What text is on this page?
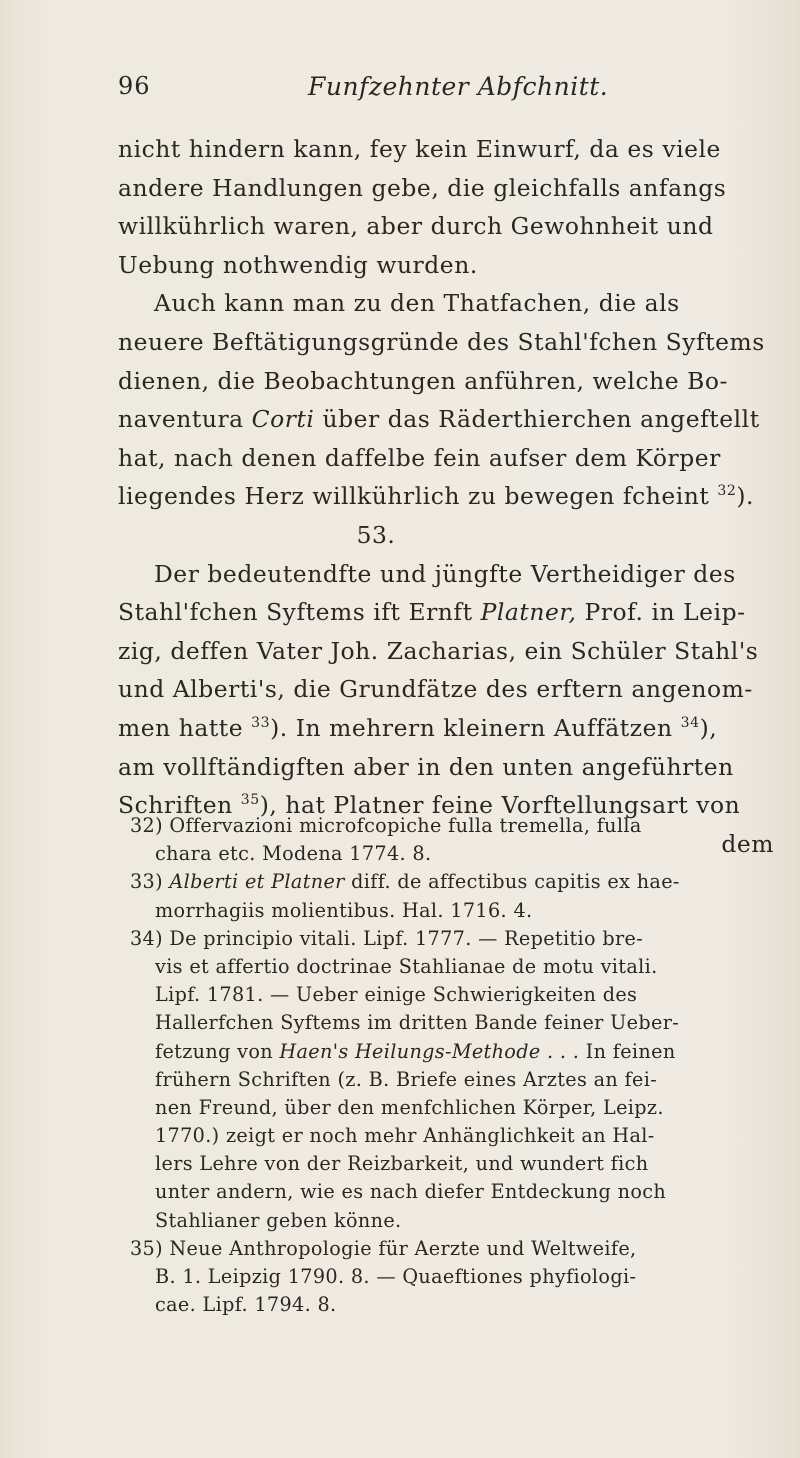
96	Funfzehnter Abfchnitt.
nicht hindern kann, fey kein Einwurf, da es viele
andere Handlungen gebe, die gleichfalls anfangs
willkührlich waren, aber durch Gewohnheit und
Uebung nothwendig wurden.
Auch kann man zu den Thatfachen, die als
neuere Beftätigungsgründe des Stahl'fchen Syftems
dienen, die Beobachtungen anführen, welche Bo-
naventura Corti über das Räderthierchen angeftellt
hat, nach denen daffelbe fein aufser dem Körper
liegendes Herz willkührlich zu bewegen fcheint $^{32}$).
53.
Der bedeutendfte und jüngfte Vertheidiger des
Stahl'fchen Syftems ift Ernft Platner, Prof. in Leip-
zig, deffen Vater Joh. Zacharias, ein Schüler Stahl's
und Alberti's, die Grundfätze des erftern angenom-
men hatte $^{33}$). In mehrern kleinern Auffätzen $^{34}$),
am vollftändigften aber in den unten angeführten
Schriften $^{35}$), hat Platner feine Vorftellungsart von
dem
32) Offervazioni microfcopiche fulla tremella, fulla
chara etc. Modena 1774. 8.
33) Alberti et Platner diff. de affectibus capitis ex hae-
morrhagiis molientibus. Hal. 1716. 4.
34) De principio vitali. Lipf. 1777. — Repetitio bre-
vis et affertio doctrinae Stahlianae de motu vitali.
Lipf. 1781. — Ueber einige Schwierigkeiten des
Hallerfchen Syftems im dritten Bande feiner Ueber-
fetzung von Haen's Heilungs-Methode . . . In feinen
frühern Schriften (z. B. Briefe eines Arztes an fei-
nen Freund, über den menfchlichen Körper, Leipz.
1770.) zeigt er noch mehr Anhänglichkeit an Hal-
lers Lehre von der Reizbarkeit, und wundert fich
unter andern, wie es nach diefer Entdeckung noch
Stahlianer geben könne.
35) Neue Anthropologie für Aerzte und Weltweife,
B. 1. Leipzig 1790. 8. — Quaeftiones phyfiologi-
cae. Lipf. 1794. 8.
